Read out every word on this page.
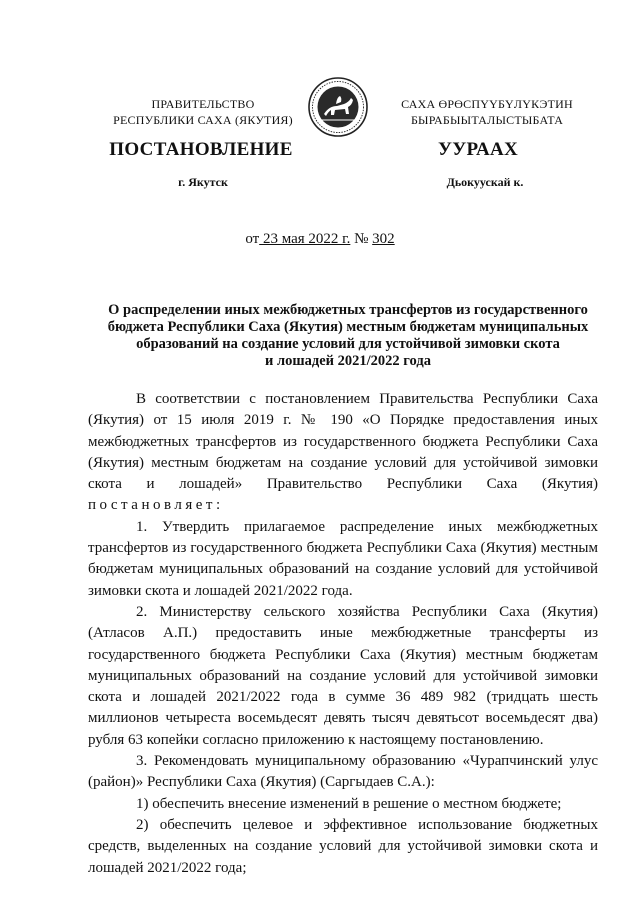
ПРАВИТЕЛЬСТВО
РЕСПУБЛИКИ САХА (ЯКУТИЯ)
САХА ӨРӨСПҮҮБҮЛҮКЭТИН
БЫРАБЫЫТАЛЫСТЫБАТА
ПОСТАНОВЛЕНИЕ	УУРААХ
г. Якутск	Дьокуускай к.
от 23 мая 2022 г. № 302
О распределении иных межбюджетных трансфертов из государственного
бюджета Республики Саха (Якутия) местным бюджетам муниципальных
образований на создание условий для устойчивой зимовки скота
и лошадей 2021/2022 года

В соответствии с постановлением Правительства Республики Саха (Якутия) от 15 июля 2019 г. № 190 «О Порядке предоставления иных межбюджетных трансфертов из государственного бюджета Республики Саха (Якутия) местным бюджетам на создание условий для устойчивой зимовки скота и лошадей» Правительство Республики Саха (Якутия) постановляет:

1. Утвердить прилагаемое распределение иных межбюджетных трансфертов из государственного бюджета Республики Саха (Якутия) местным бюджетам муниципальных образований на создание условий для устойчивой зимовки скота и лошадей 2021/2022 года.

2. Министерству сельского хозяйства Республики Саха (Якутия) (Атласов А.П.) предоставить иные межбюджетные трансферты из государственного бюджета Республики Саха (Якутия) местным бюджетам муниципальных образований на создание условий для устойчивой зимовки скота и лошадей 2021/2022 года в сумме 36 489 982 (тридцать шесть миллионов четыреста восемьдесят девять тысяч девятьсот восемьдесят два) рубля 63 копейки согласно приложению к настоящему постановлению.

3. Рекомендовать муниципальному образованию «Чурапчинский улус (район)» Республики Саха (Якутия) (Саргыдаев С.А.):

1) обеспечить внесение изменений в решение о местном бюджете;

2) обеспечить целевое и эффективное использование бюджетных средств, выделенных на создание условий для устойчивой зимовки скота и лошадей 2021/2022 года;
